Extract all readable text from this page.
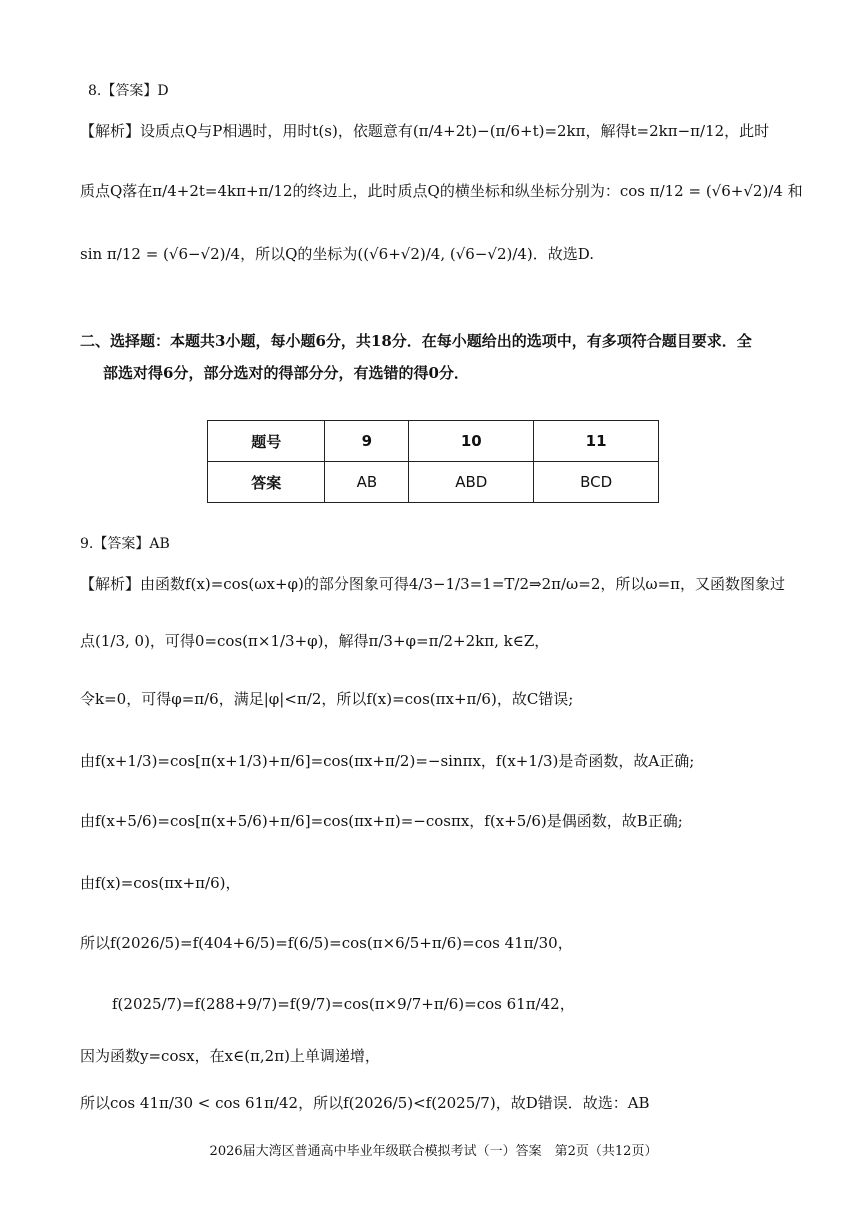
8.【答案】D
【解析】设质点Q与P相遇时，用时t(s)，依题意有(π/4+2t)−(π/6+t)=2kπ，解得t=2kπ−π/12，此时
质点Q落在π/4+2t=4kπ+π/12的终边上，此时质点Q的横坐标和纵坐标分别为：cos π/12 = (√6+√2)/4 和
sin π/12 = (√6−√2)/4，所以Q的坐标为((√6+√2)/4, (√6−√2)/4)．故选D.
二、选择题：本题共3小题，每小题6分，共18分．在每小题给出的选项中，有多项符合题目要求．全
部选对得6分，部分选对的得部分分，有选错的得0分．
题号	9	10	11
答案	AB	ABD	BCD
9.【答案】AB
【解析】由函数f(x)=cos(ωx+φ)的部分图象可得4/3−1/3=1=T/2⇒2π/ω=2，所以ω=π，又函数图象过
点(1/3, 0)，可得0=cos(π×1/3+φ)，解得π/3+φ=π/2+2kπ, k∈Z，
令k=0，可得φ=π/6，满足|φ|<π/2，所以f(x)=cos(πx+π/6)，故C错误;
由f(x+1/3)=cos[π(x+1/3)+π/6]=cos(πx+π/2)=−sinπx，f(x+1/3)是奇函数，故A正确;
由f(x+5/6)=cos[π(x+5/6)+π/6]=cos(πx+π)=−cosπx，f(x+5/6)是偶函数，故B正确;
由f(x)=cos(πx+π/6)，
所以f(2026/5)=f(404+6/5)=f(6/5)=cos(π×6/5+π/6)=cos 41π/30，
f(2025/7)=f(288+9/7)=f(9/7)=cos(π×9/7+π/6)=cos 61π/42，
因为函数y=cosx，在x∈(π,2π)上单调递增，
所以cos 41π/30 < cos 61π/42，所以f(2026/5)<f(2025/7)，故D错误．故选：AB
2026届大湾区普通高中毕业年级联合模拟考试（一）答案　第2页（共12页）
